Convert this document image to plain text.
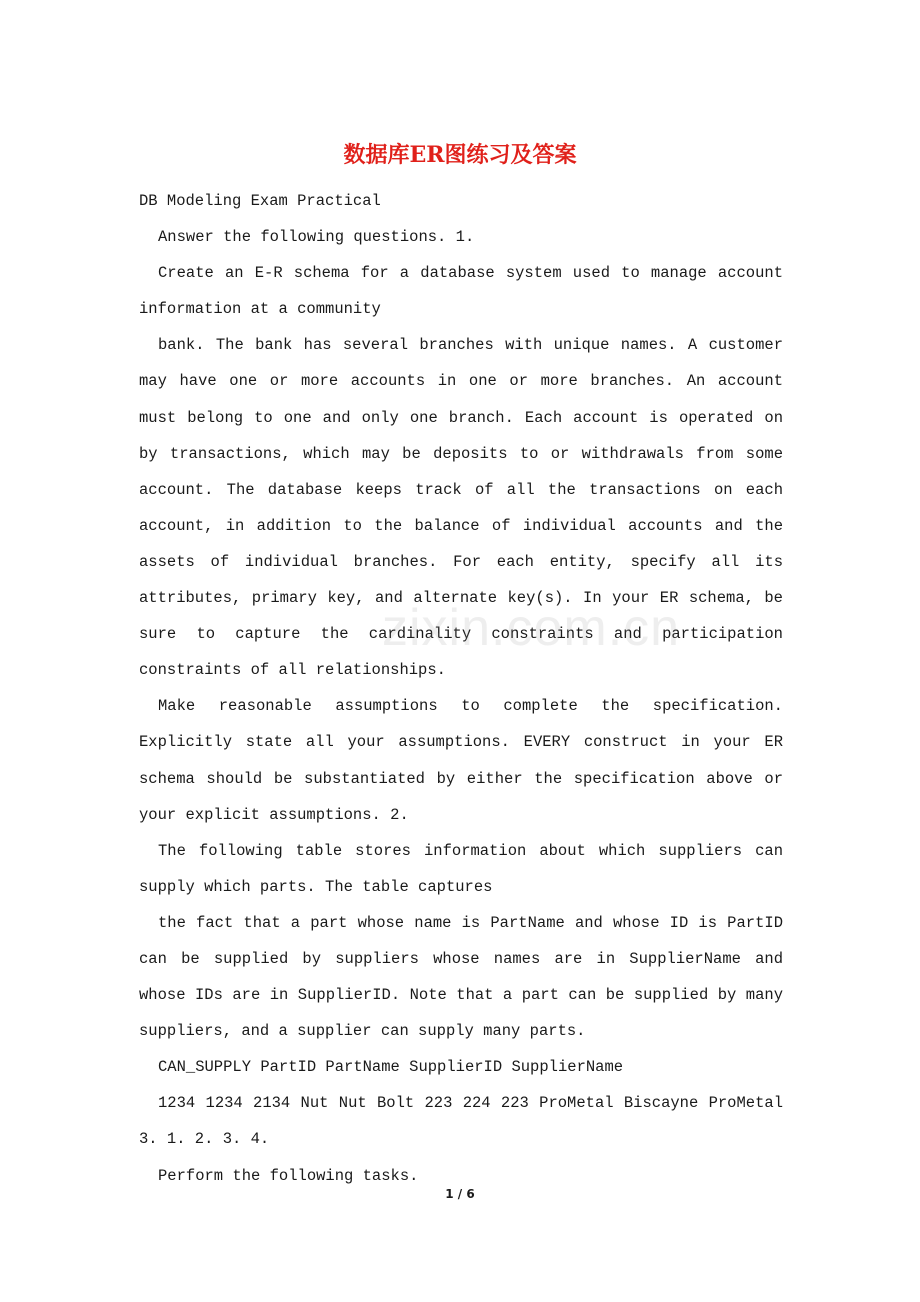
数据库ER图练习及答案

DB Modeling Exam Practical

Answer the following questions. 1.

Create an E-R schema for a database system used to manage account information at a community

bank. The bank has several branches with unique names. A customer may have one or more accounts in one or more branches. An account must belong to one and only one branch. Each account is operated on by transactions, which may be deposits to or withdrawals from some account. The database keeps track of all the transactions on each account, in addition to the balance of individual accounts and the assets of individual branches. For each entity, specify all its attributes, primary key, and alternate key(s). In your ER schema, be sure to capture the cardinality constraints and participation constraints of all relationships.

Make reasonable assumptions to complete the specification. Explicitly state all your assumptions. EVERY construct in your ER schema should be substantiated by either the specification above or your explicit assumptions. 2.

The following table stores information about which suppliers can supply which parts. The table captures

the fact that a part whose name is PartName and whose ID is PartID can be supplied by suppliers whose names are in SupplierName and whose IDs are in SupplierID. Note that a part can be supplied by many suppliers, and a supplier can supply many parts.

CAN_SUPPLY PartID PartName SupplierID SupplierName

1234 1234 2134 Nut Nut Bolt 223 224 223 ProMetal Biscayne ProMetal 3. 1. 2. 3. 4.

Perform the following tasks.

zixin.com.cn
1 / 6
